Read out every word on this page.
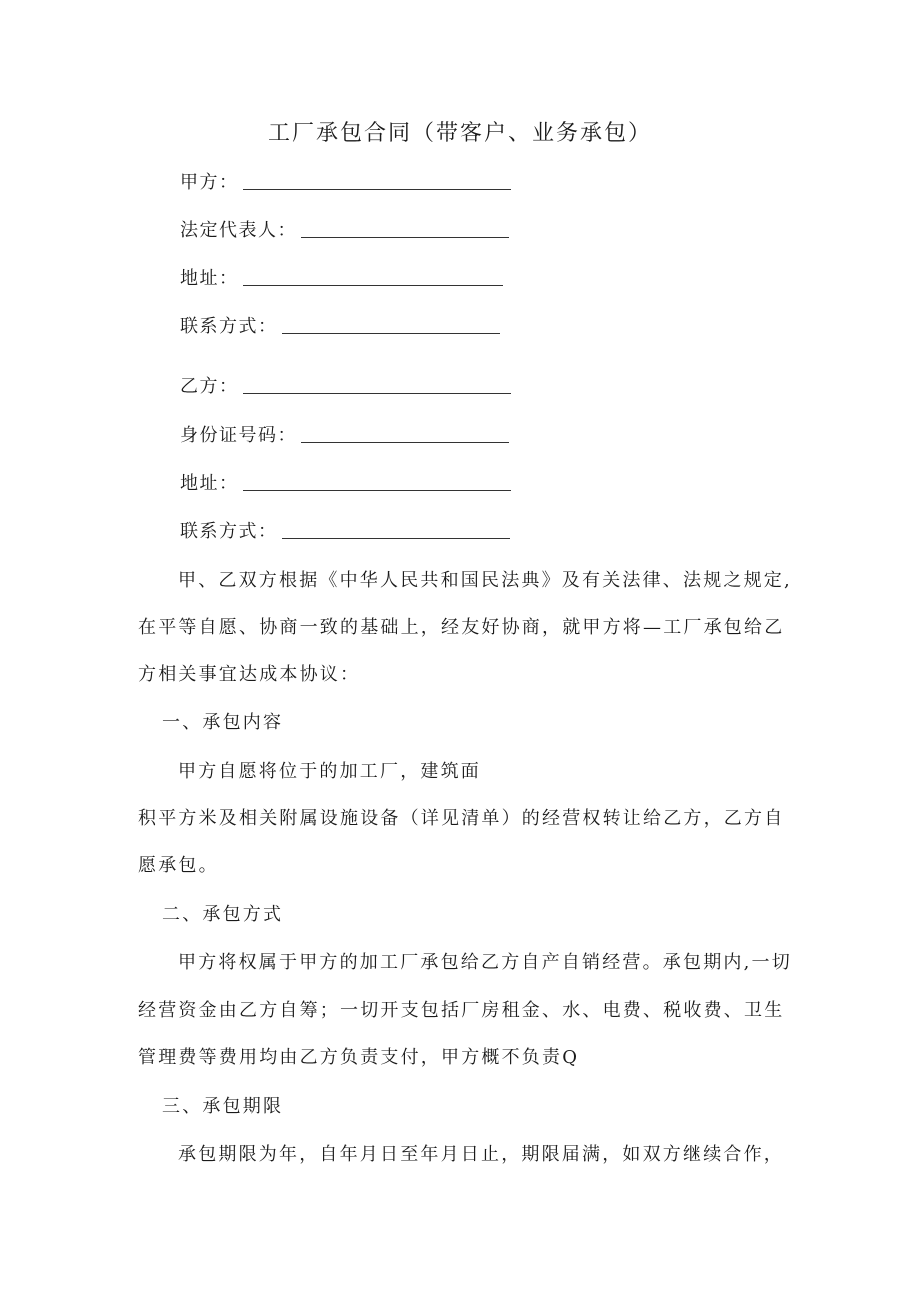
工厂承包合同（带客户、业务承包）
甲方：
法定代表人：
地址：
联系方式：
乙方：
身份证号码：
地址：
联系方式：
甲、乙双方根据《中华人民共和国民法典》及有关法律、法规之规定,
在平等自愿、协商一致的基础上，经友好协商，就甲方将—工厂承包给乙
方相关事宜达成本协议：
一、承包内容
甲方自愿将位于的加工厂，建筑面
积平方米及相关附属设施设备（详见清单）的经营权转让给乙方，乙方自
愿承包。
二、承包方式
甲方将权属于甲方的加工厂承包给乙方自产自销经营。承包期内,一切
经营资金由乙方自筹；一切开支包括厂房租金、水、电费、税收费、卫生
管理费等费用均由乙方负责支付，甲方概不负责Q
三、承包期限
承包期限为年，自年月日至年月日止，期限届满，如双方继续合作，
